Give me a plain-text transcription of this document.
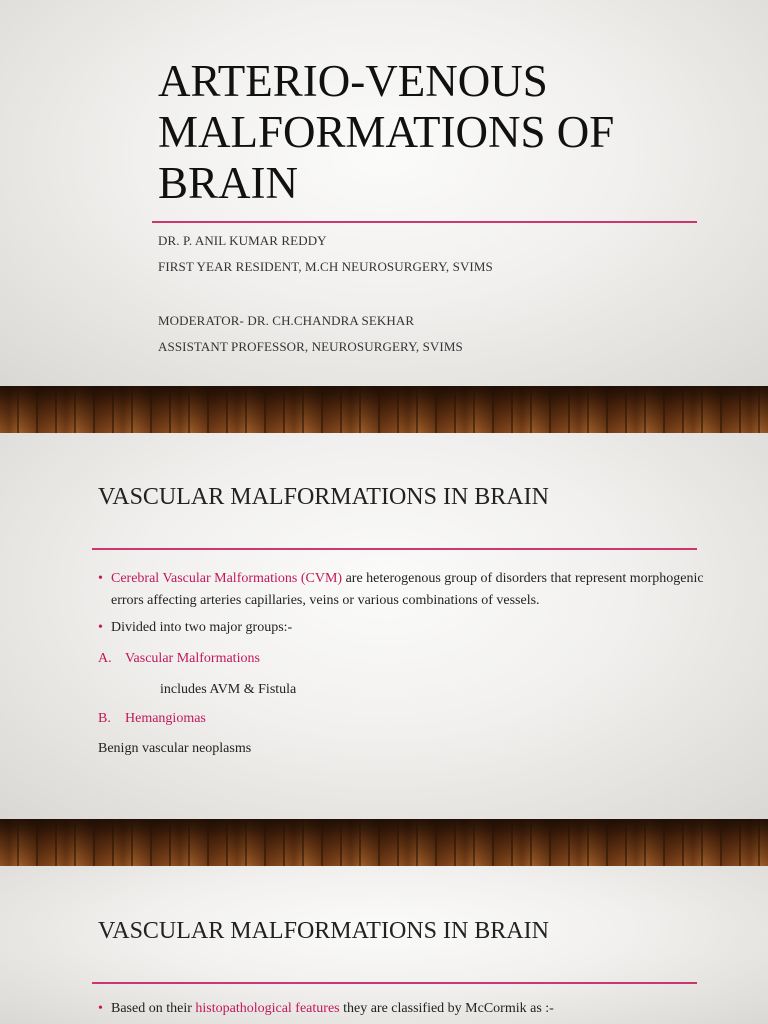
ARTERIO-VENOUS MALFORMATIONS OF BRAIN

DR. P. ANIL KUMAR REDDY

FIRST YEAR RESIDENT, M.CH NEUROSURGERY, SVIMS

MODERATOR- DR. CH.CHANDRA SEKHAR

ASSISTANT PROFESSOR, NEUROSURGERY, SVIMS

VASCULAR MALFORMATIONS IN BRAIN

• Cerebral Vascular Malformations (CVM) are heterogenous group of disorders that represent morphogenic errors affecting arteries capillaries, veins or various combinations of vessels.

• Divided into two major groups:-

A. Vascular Malformations

includes AVM & Fistula

B. Hemangiomas

Benign vascular neoplasms

VASCULAR MALFORMATIONS IN BRAIN

• Based on their histopathological features they are classified by McCormik as :-
